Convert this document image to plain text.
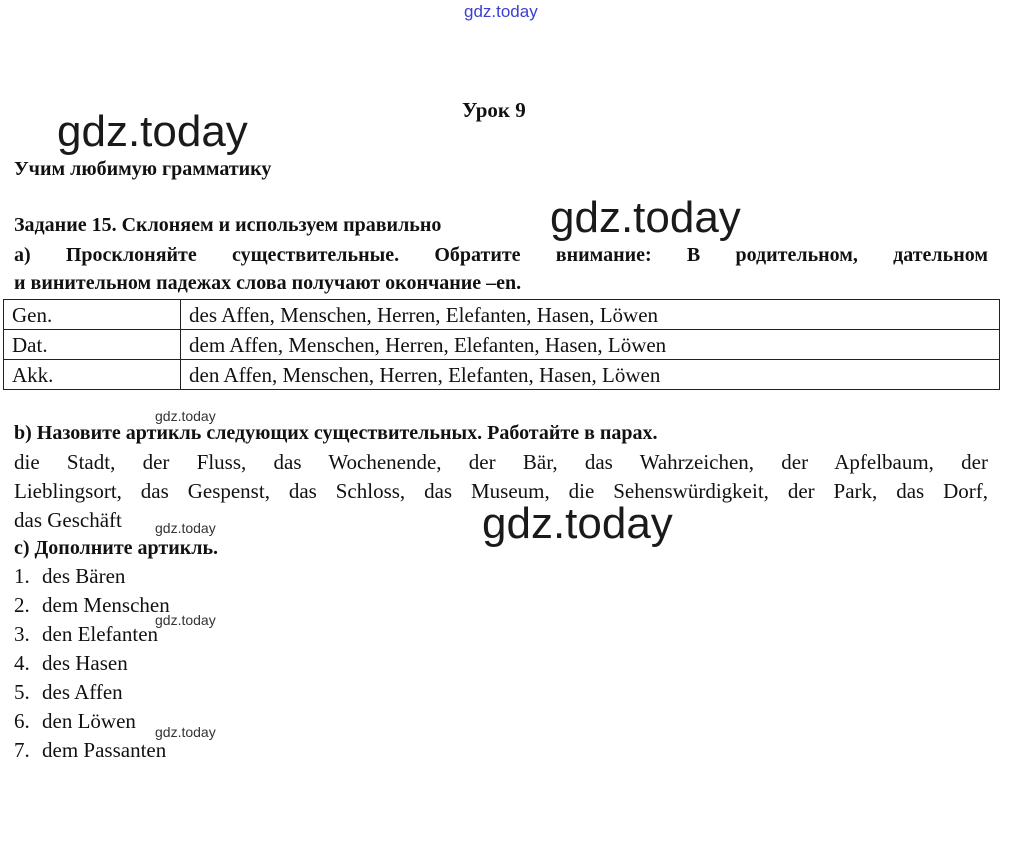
gdz.today
gdz.today
gdz.today
gdz.today
gdz.today
gdz.today
gdz.today
gdz.today
Урок 9
Учим любимую грамматику
Задание 15. Склоняем и используем правильно
а) Просклоняйте существительные. Обратите внимание: В родительном, дательном
и винительном падежах слова получают окончание –en.
Gen.	des Affen, Menschen, Herren, Elefanten, Hasen, Löwen
Dat.	dem Affen, Menschen, Herren, Elefanten, Hasen, Löwen
Akk.	den Affen, Menschen, Herren, Elefanten, Hasen, Löwen
b) Назовите артикль следующих существительных. Работайте в парах.
die Stadt, der Fluss, das Wochenende, der Bär, das Wahrzeichen, der Apfelbaum, der
Lieblingsort, das Gespenst, das Schloss, das Museum, die Sehenswürdigkeit, der Park, das Dorf,
das Geschäft
с) Дополните артикль.
1. des Bären
2. dem Menschen
3. den Elefanten
4. des Hasen
5. des Affen
6. den Löwen
7. dem Passanten
